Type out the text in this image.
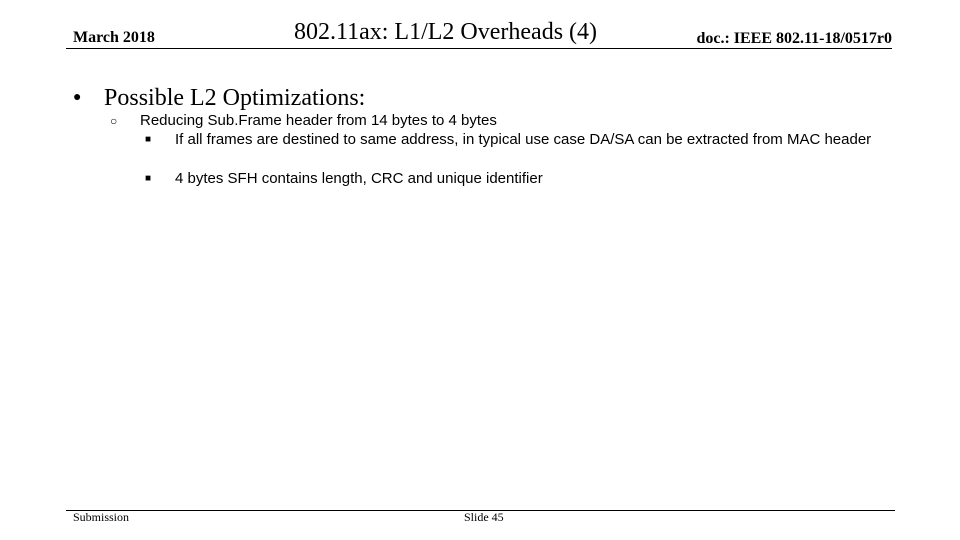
March 2018	802.11ax: L1/L2 Overheads (4)	doc.: IEEE 802.11-18/0517r0
● Possible L2 Optimizations:
○ Reducing Sub.Frame header from 14 bytes to 4 bytes
■ If all frames are destined to same address, in typical use case DA/SA can be extracted from MAC header
■ 4 bytes SFH contains length, CRC and unique identifier
Submission	Slide 45
